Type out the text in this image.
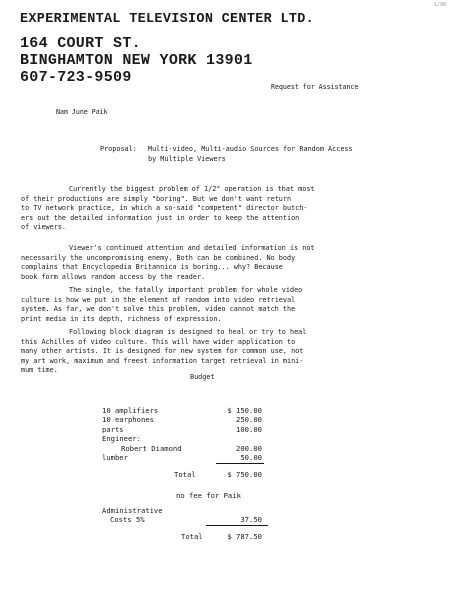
1/90
EXPERIMENTAL TELEVISION CENTER LTD.
164 COURT ST.
BINGHAMTON NEW YORK 13901
607-723-9509
Request for Assistance
Nam June Paik
Proposal: Multi-video, Multi-audio Sources for Random Access
by Multiple Viewers
Currently the biggest problem of 1/2" operation is that most
of their productions are simply "boring". But we don't want return
to TV network practice, in which a so-said "competent" director butch-
ers out the detailed information just in order to keep the attention
of viewers.
Viewer's continued attention and detailed information is not
necessarily the uncompromising enemy. Both can be combined. No body
complains that Encyclopedia Britannica is boring... why? Because
book form allows random access by the reader.
The single, the fatally important problem for whole video
culture is how we put in the element of random into video retrieval
system. As far, we don't solve this problem, video cannot match the
print media in its depth, richness of expression.
Following block diagram is designed to heal or try to heal
this Achilles of video culture. This will have wider application to
many other artists. It is designed for new system for common use, not
my art work, maximum and freest information target retrieval in mini-
mum time.
Budget
10 amplifiers	$ 150.00
10 earphones	250.00
parts	100.00
Engineer:
Robert Diamond	200.00
lumber	50.00
Total	$ 750.00
no fee for Paik
Administrative
Costs 5%	37.50
Total	$ 787.50
